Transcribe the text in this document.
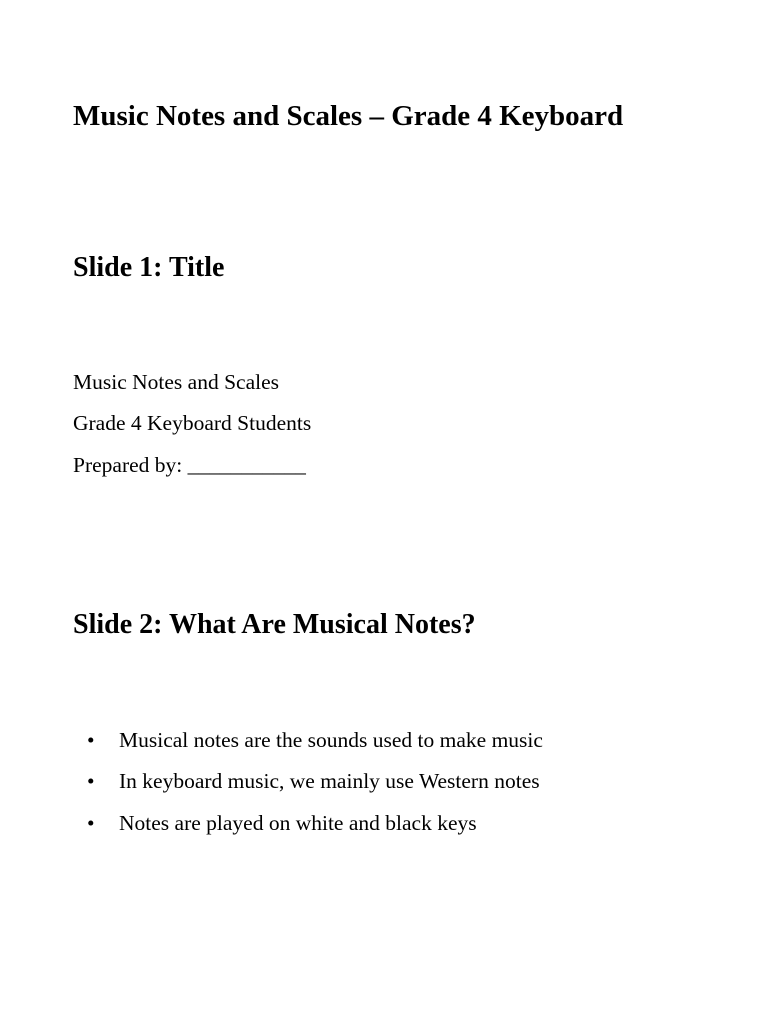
Music Notes and Scales – Grade 4 Keyboard
Slide 1: Title

Music Notes and Scales

Grade 4 Keyboard Students

Prepared by: ___________

Slide 2: What Are Musical Notes?
• Musical notes are the sounds used to make music
• In keyboard music, we mainly use Western notes
• Notes are played on white and black keys
